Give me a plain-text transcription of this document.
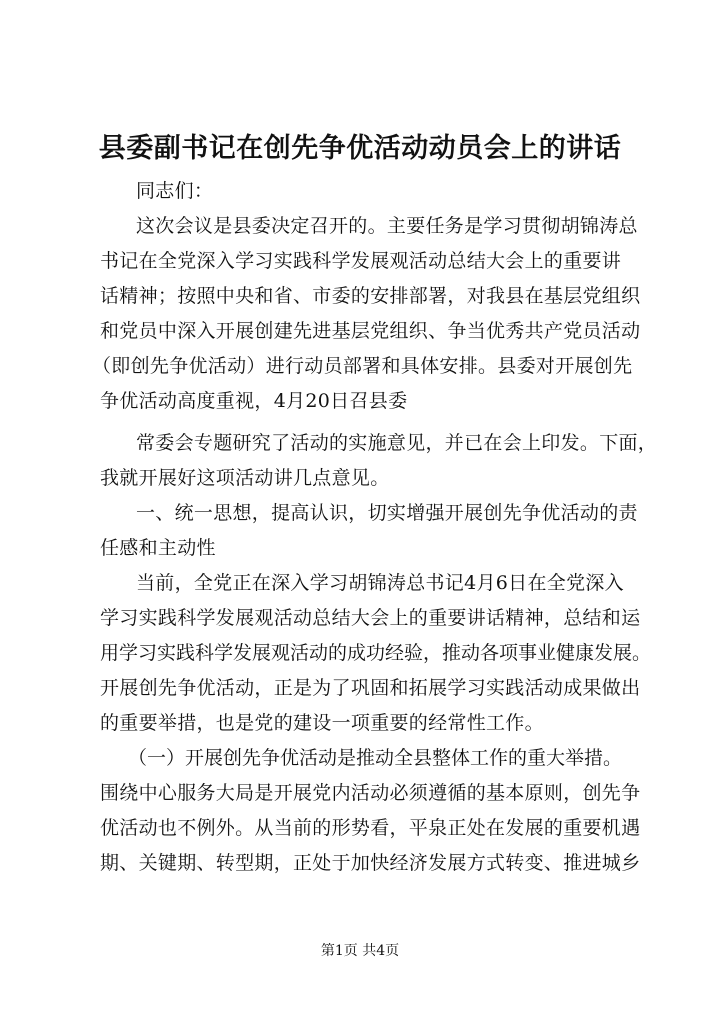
县委副书记在创先争优活动动员会上的讲话
同志们：
这次会议是县委决定召开的。主要任务是学习贯彻胡锦涛总
书记在全党深入学习实践科学发展观活动总结大会上的重要讲
话精神；按照中央和省、市委的安排部署，对我县在基层党组织
和党员中深入开展创建先进基层党组织、争当优秀共产党员活动
（即创先争优活动）进行动员部署和具体安排。县委对开展创先
争优活动高度重视，4月20日召县委
常委会专题研究了活动的实施意见，并已在会上印发。下面，
我就开展好这项活动讲几点意见。
一、统一思想，提高认识，切实增强开展创先争优活动的责
任感和主动性
当前，全党正在深入学习胡锦涛总书记4月6日在全党深入
学习实践科学发展观活动总结大会上的重要讲话精神，总结和运
用学习实践科学发展观活动的成功经验，推动各项事业健康发展。
开展创先争优活动，正是为了巩固和拓展学习实践活动成果做出
的重要举措，也是党的建设一项重要的经常性工作。
（一）开展创先争优活动是推动全县整体工作的重大举措。
围绕中心服务大局是开展党内活动必须遵循的基本原则，创先争
优活动也不例外。从当前的形势看，平泉正处在发展的重要机遇
期、关键期、转型期，正处于加快经济发展方式转变、推进城乡
第1页 共4页
